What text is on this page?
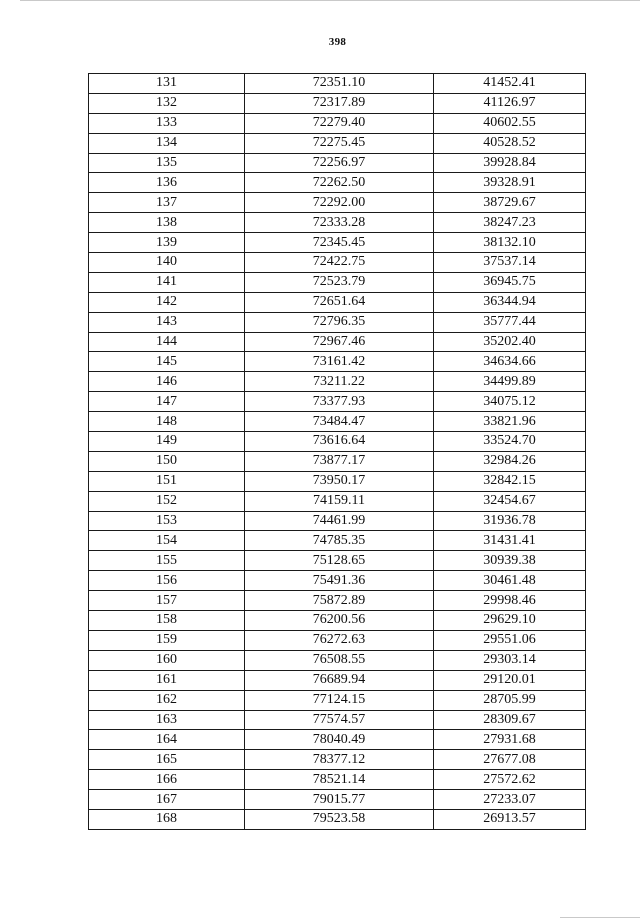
398
131	72351.10	41452.41
132	72317.89	41126.97
133	72279.40	40602.55
134	72275.45	40528.52
135	72256.97	39928.84
136	72262.50	39328.91
137	72292.00	38729.67
138	72333.28	38247.23
139	72345.45	38132.10
140	72422.75	37537.14
141	72523.79	36945.75
142	72651.64	36344.94
143	72796.35	35777.44
144	72967.46	35202.40
145	73161.42	34634.66
146	73211.22	34499.89
147	73377.93	34075.12
148	73484.47	33821.96
149	73616.64	33524.70
150	73877.17	32984.26
151	73950.17	32842.15
152	74159.11	32454.67
153	74461.99	31936.78
154	74785.35	31431.41
155	75128.65	30939.38
156	75491.36	30461.48
157	75872.89	29998.46
158	76200.56	29629.10
159	76272.63	29551.06
160	76508.55	29303.14
161	76689.94	29120.01
162	77124.15	28705.99
163	77574.57	28309.67
164	78040.49	27931.68
165	78377.12	27677.08
166	78521.14	27572.62
167	79015.77	27233.07
168	79523.58	26913.57
